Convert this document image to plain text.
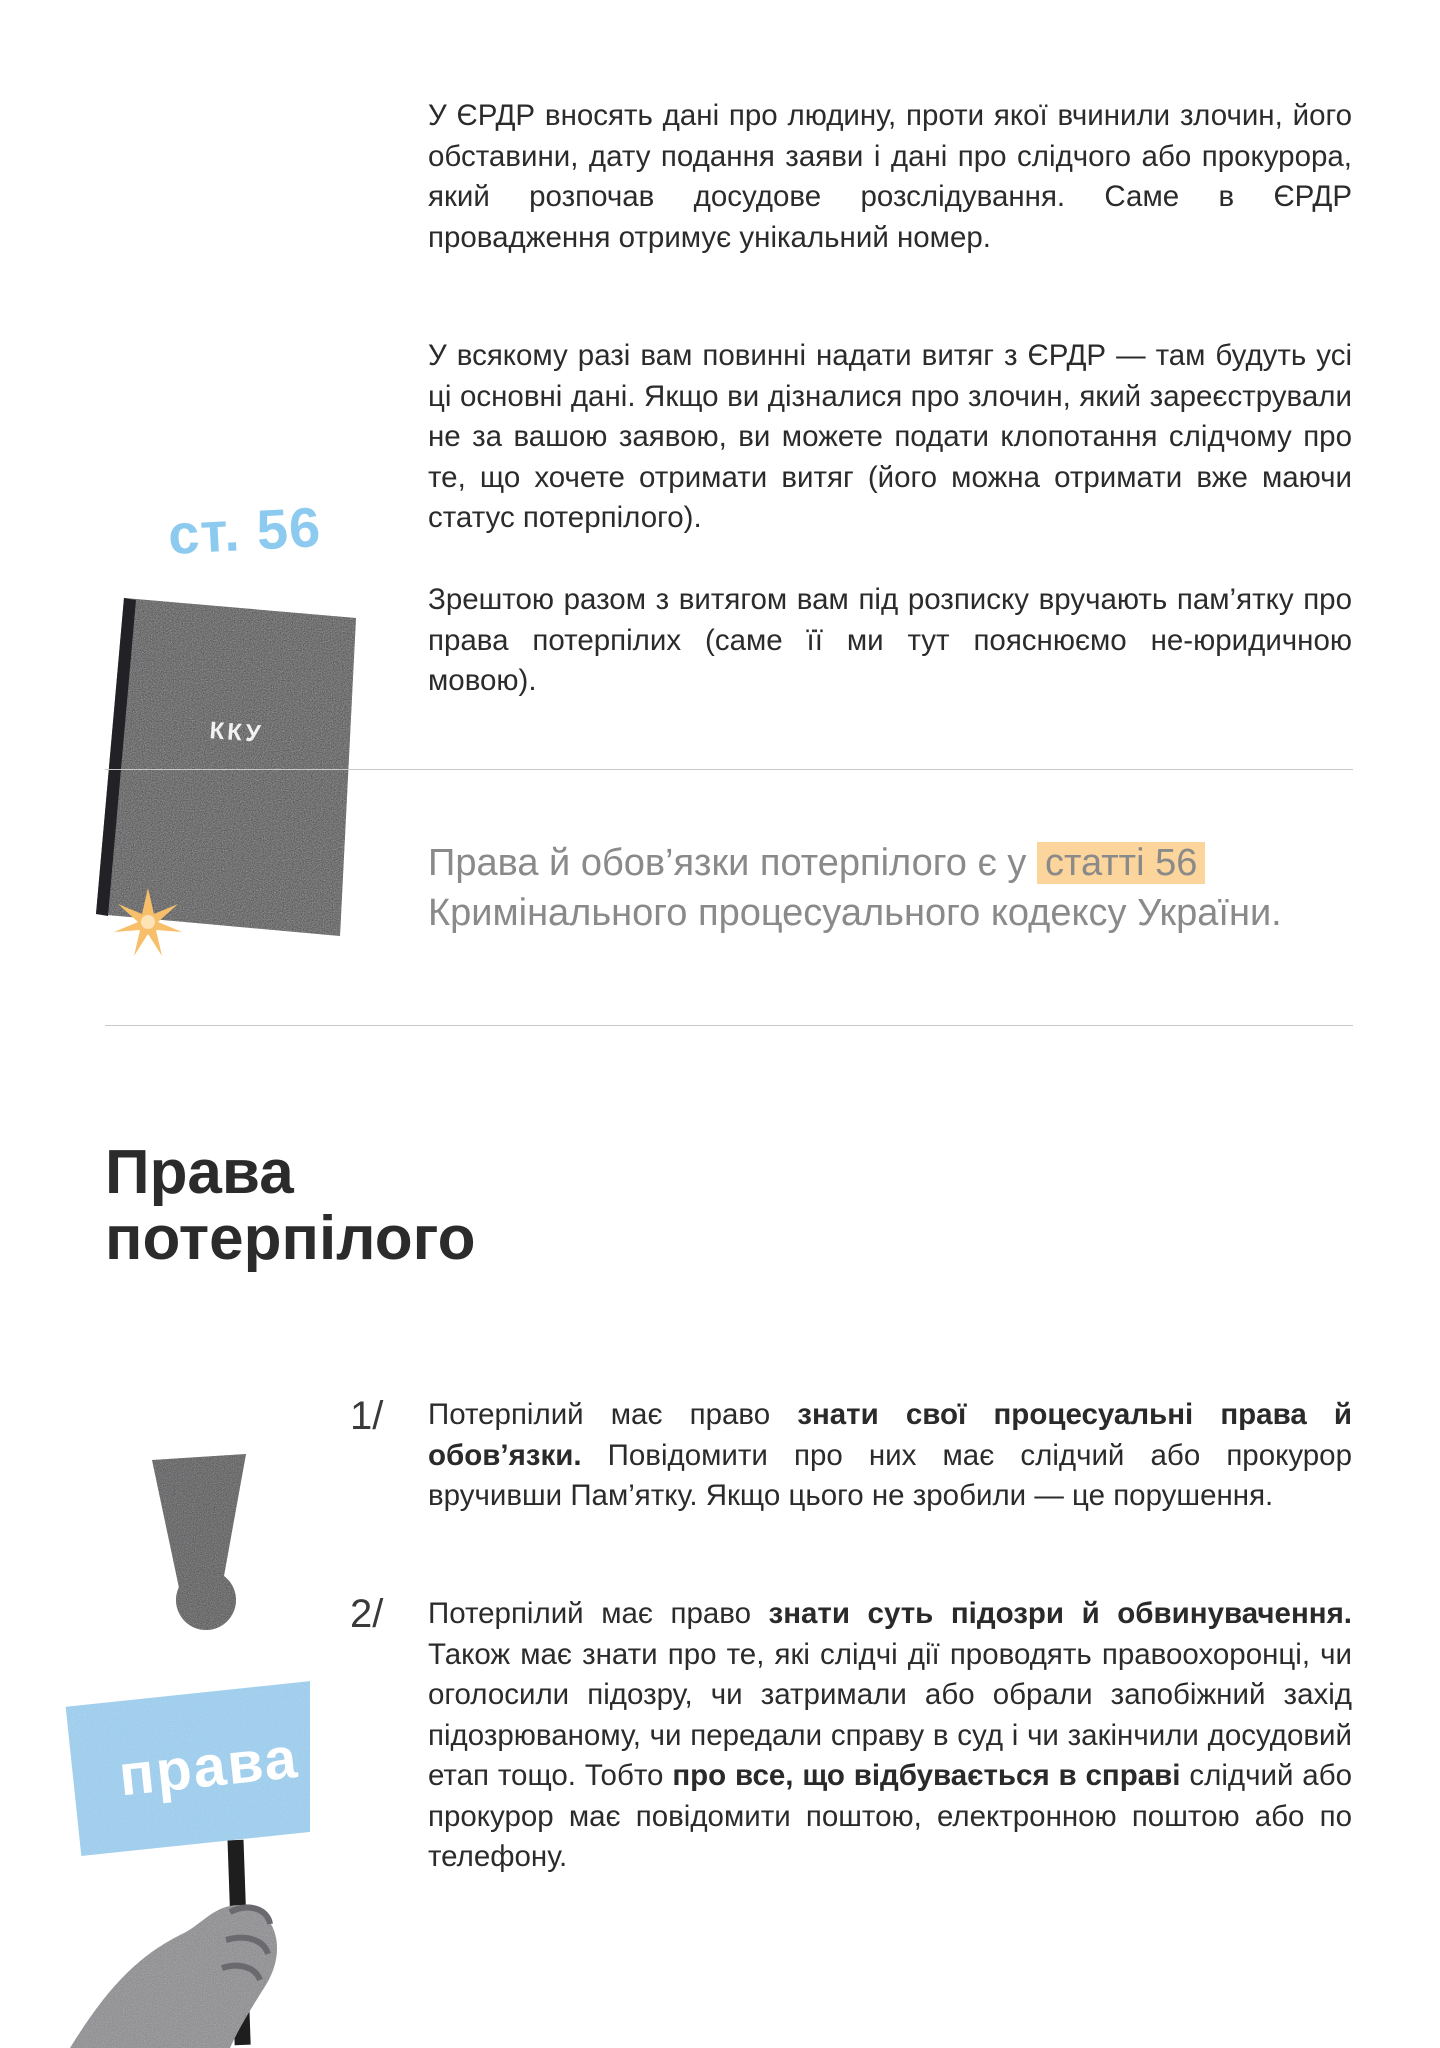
У ЄРДР вносять дані про людину, проти якої вчинили злочин, його обставини, дату подання заяви і дані про слідчого або прокурора, який розпочав досудове розслідування. Саме в ЄРДР провадження отримує унікальний номер.

У всякому разі вам повинні надати витяг з ЄРДР — там будуть усі ці основні дані. Якщо ви дізналися про злочин, який зареєстрували не за вашою заявою, ви можете подати клопотання слідчому про те, що хочете отримати витяг (його можна отримати вже маючи статус потерпілого).

Зрештою разом з витягом вам під розписку вручають пам’ятку про права потерпілих (саме її ми тут пояснюємо не-юридичною мовою).

ст. 56
ККУ
Права й обов’язки потерпілого є у статті 56
Кримінального процесуального кодексу України.
Права
потерпілого
права
1/ Потерпілий має право знати свої процесуальні права й обов’язки. Повідомити про них має слідчий або прокурор вручивши Пам’ятку. Якщо цього не зробили — це порушення.
2/ Потерпілий має право знати суть підозри й обвинувачення. Також має знати про те, які слідчі дії проводять правоохоронці, чи оголосили підозру, чи затримали або обрали запобіжний захід підозрюваному, чи передали справу в суд і чи закінчили досудовий етап тощо. Тобто про все, що відбувається в справі слідчий або прокурор має повідомити поштою, електронною поштою або по телефону.
